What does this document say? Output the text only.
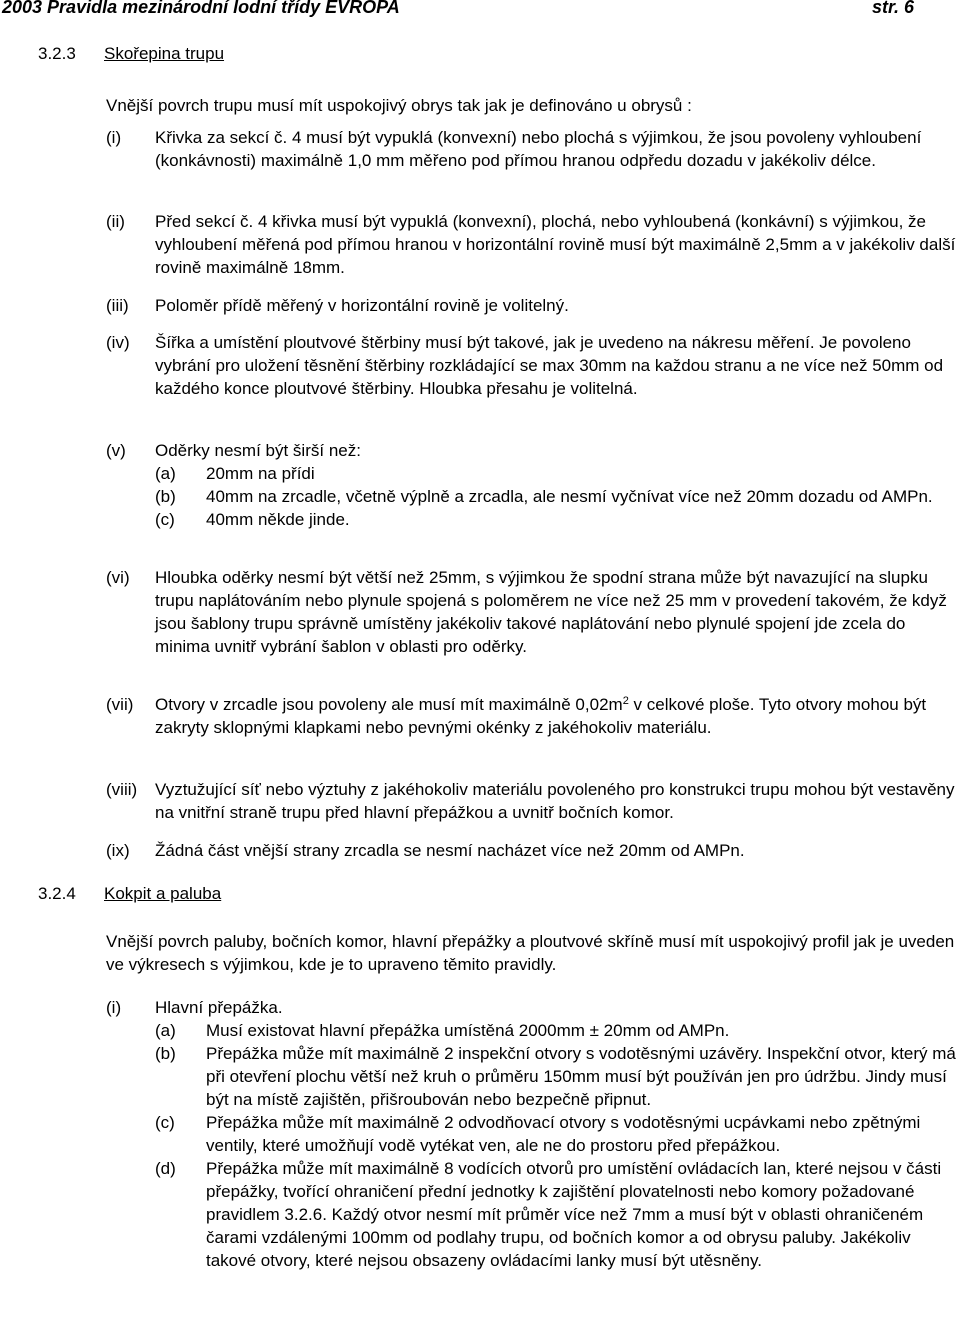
2003 Pravidla mezinárodní lodní třídy EVROPA	str. 6
3.2.3 Skořepina trupu
Vnější povrch trupu musí mít uspokojivý obrys tak jak je definováno u obrysů :
(i) Křivka za sekcí č. 4 musí být vypuklá (konvexní) nebo plochá s výjimkou, že jsou povoleny vyhloubení (konkávnosti) maximálně 1,0 mm měřeno pod přímou hranou odpředu dozadu v jakékoliv délce.
(ii) Před sekcí č. 4 křivka musí být vypuklá (konvexní), plochá, nebo vyhloubená (konkávní) s výjimkou, že vyhloubení měřená pod přímou hranou v horizontální rovině musí být maximálně 2,5mm a v jakékoliv další rovině maximálně 18mm.
(iii) Poloměr přídě měřený v horizontální rovině je volitelný.
(iv) Šířka a umístění ploutvové štěrbiny musí být takové, jak je uvedeno na nákresu měření. Je povoleno vybrání pro uložení těsnění štěrbiny rozkládající se max 30mm na každou stranu a ne více než 50mm od každého konce ploutvové štěrbiny. Hloubka přesahu je volitelná.
(v) Oděrky nesmí být širší než:
(a) 20mm na přídi
(b) 40mm na zrcadle, včetně výplně a zrcadla, ale nesmí vyčnívat více než 20mm dozadu od AMPn.
(c) 40mm někde jinde.
(vi) Hloubka oděrky nesmí být větší než 25mm, s výjimkou že spodní strana může být navazující na slupku trupu naplátováním nebo plynule spojená s poloměrem ne více než 25 mm v provedení takovém, že když jsou šablony trupu správně umístěny jakékoliv takové naplátování nebo plynulé spojení jde zcela do minima uvnitř vybrání šablon v oblasti pro oděrky.
(vii) Otvory v zrcadle jsou povoleny ale musí mít maximálně $0,02m^2$ v celkové ploše. Tyto otvory mohou být zakryty sklopnými klapkami nebo pevnými okénky z jakéhokoliv materiálu.
(viii) Vyztužující síť nebo výztuhy z jakéhokoliv materiálu povoleného pro konstrukci trupu mohou být vestavěny na vnitřní straně trupu před hlavní přepážkou a uvnitř bočních komor.
(ix) Žádná část vnější strany zrcadla se nesmí nacházet více než 20mm od AMPn.
3.2.4 Kokpit a paluba
Vnější povrch paluby, bočních komor, hlavní přepážky a ploutvové skříně musí mít uspokojivý profil jak je uveden ve výkresech s výjimkou, kde je to upraveno těmito pravidly.
(i) Hlavní přepážka.
(a) Musí existovat hlavní přepážka umístěná 2000mm ± 20mm od AMPn.
(b) Přepážka může mít maximálně 2 inspekční otvory s vodotěsnými uzávěry. Inspekční otvor, který má při otevření plochu větší než kruh o průměru 150mm musí být používán jen pro údržbu. Jindy musí být na místě zajištěn, přišroubován nebo bezpečně připnut.
(c) Přepážka může mít maximálně 2 odvodňovací otvory s vodotěsnými ucpávkami nebo zpětnými ventily, které umožňují vodě vytékat ven, ale ne do prostoru před přepážkou.
(d) Přepážka může mít maximálně 8 vodících otvorů pro umístění ovládacích lan, které nejsou v části přepážky, tvořící ohraničení přední jednotky k zajištění plovatelnosti nebo komory požadované pravidlem 3.2.6. Každý otvor nesmí mít průměr více než 7mm a musí být v oblasti ohraničeném čarami vzdálenými 100mm od podlahy trupu, od bočních komor a od obrysu paluby. Jakékoliv takové otvory, které nejsou obsazeny ovládacími lanky musí být utěsněny.
